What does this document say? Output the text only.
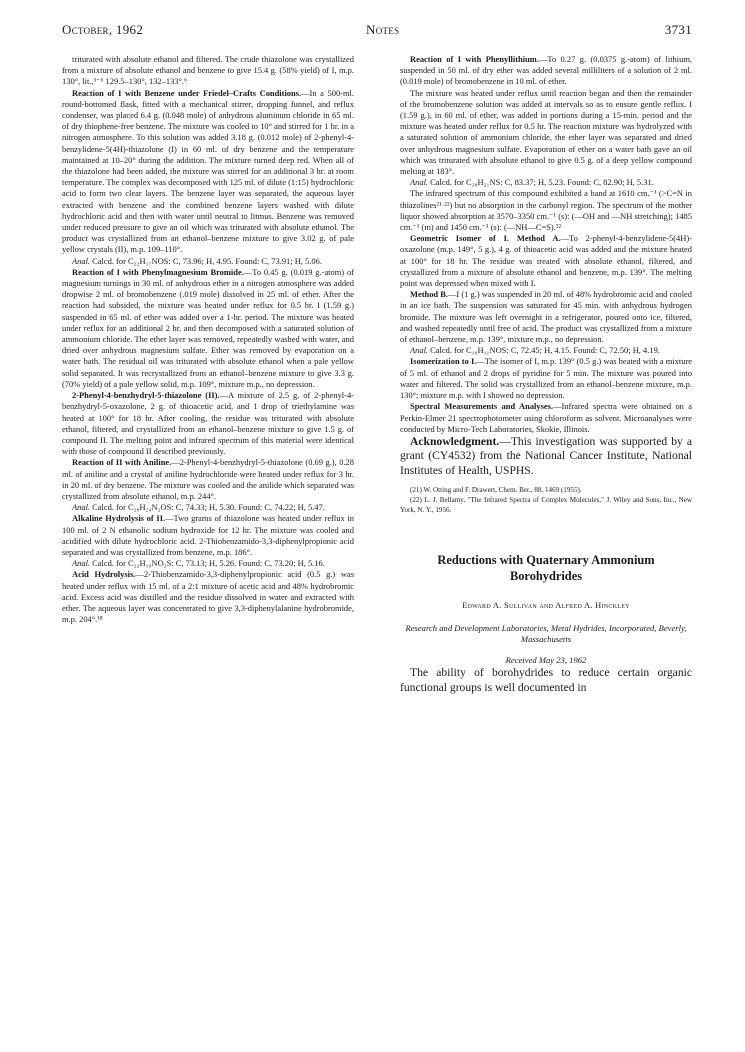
October, 1962	Notes	3731

triturated with absolute ethanol and filtered. The crude thiazolone was crystallized from a mixture of absolute ethanol and benzene to give 15.4 g. (58% yield) of I, m.p. 130°, lit.,³⁻⁶ 129.5–130°, 132–133°.⁶

Reaction of I with Benzene under Friedel–Crafts Conditions.—In a 500-ml. round-bottomed flask, fitted with a mechanical stirrer, dropping funnel, and reflux condenser, was placed 6.4 g. (0.048 mole) of anhydrous aluminum chloride in 65 ml. of dry thiophene-free benzene. The mixture was cooled to 10° and stirred for 1 hr. in a nitrogen atmosphere. To this solution was added 3.18 g. (0.012 mole) of 2-phenyl-4-benzylidene-5(4H)-thiazolone (I) in 60 ml. of dry benzene and the temperature maintained at 10–20° during the addition. The mixture turned deep red. When all of the thiazolone had been added, the mixture was stirred for an additional 3 hr. at room temperature. The complex was decomposed with 125 ml. of dilute (1:15) hydrochloric acid to form two clear layers. The benzene layer was separated, the aqueous layer extracted with benzene and the combined benzene layers washed with dilute hydrochloric acid and then with water until neutral to litmus. Benzene was removed under reduced pressure to give an oil which was triturated with absolute ethanol. The product was crystallized from an ethanol–benzene mixture to give 3.02 g. of pale yellow crystals (II), m.p. 109–110°.

Anal. Calcd. for C₂₂H₁₇NOS: C, 73.96; H, 4.95. Found: C, 73.91; H, 5.06.

Reaction of I with Phenylmagnesium Bromide.—To 0.45 g. (0.019 g.-atom) of magnesium turnings in 30 ml. of anhydrous ether in a nitrogen atmosphere was added dropwise 2 ml. of bromobenzene (.019 mole) dissolved in 25 ml. of ether. After the reaction had subsided, the mixture was heated under reflux for 0.5 hr. I (1.59 g.) suspended in 65 ml. of ether was added over a 1-hr. period. The mixture was heated under reflux for an additional 2 hr. and then decomposed with a saturated solution of ammonium chloride. The ether layer was removed, repeatedly washed with water, and dried over anhydrous magnesium sulfate. Ether was removed by evaporation on a water bath. The residual oil was triturated with absolute ethanol when a pale yellow solid separated. It was recrystallized from an ethanol–benzene mixture to give 3.3 g. (70% yield) of a pale yellow solid, m.p. 109°, mixture m.p., no depression.

2-Phenyl-4-benzhydryl-5-thiazolone (II).—A mixture of 2.5 g. of 2-phenyl-4-benzhydryl-5-oxazolone, 2 g. of thioacetic acid, and 1 drop of triethylamine was heated at 100° for 18 hr. After cooling, the residue was triturated with absolute ethanol, filtered, and crystallized from an ethanol–benzene mixture to give 1.5 g. of compound II. The melting point and infrared spectrum of this material were identical with those of compound II described previously.

Reaction of II with Aniline.—2-Phenyl-4-benzhydryl-5-thiazolone (0.69 g.), 0.28 ml. of aniline and a crystal of aniline hydrochloride were heated under reflux for 3 hr. in 20 ml. of dry benzene. The mixture was cooled and the anilide which separated was crystallized from absolute ethanol, m.p. 244°.

Anal. Calcd. for C₂₈H₂₄N₂OS: C, 74.33; H, 5.30. Found: C, 74.22; H, 5.47.

Alkaline Hydrolysis of II.—Two grams of thiazolone was heated under reflux in 100 ml. of 2 N ethanolic sodium hydroxide for 12 hr. The mixture was cooled and acidified with dilute hydrochloric acid. 2-Thiobenzamido-3,3-diphenylpropionic acid separated and was crystallized from benzene, m.p. 186°.

Anal. Calcd. for C₂₂H₁₉NO₂S: C, 73.13; H, 5.26. Found: C, 73.20; H, 5.16.

Acid Hydrolysis.—2-Thiobenzamido-3,3-diphenylpropionic acid (0.5 g.) was heated under reflux with 15 ml. of a 2:1 mixture of acetic acid and 48% hydrobromic acid. Excess acid was distilled and the residue dissolved in water and extracted with ether. The aqueous layer was concentrated to give 3,3-diphenylalanine hydrobromide, m.p. 204°.¹⁸

Reaction of I with Phenyllithium.—To 0.27 g. (0.0375 g.-atom) of lithium, suspended in 50 ml. of dry ether was added several milliliters of a solution of 2 ml. (0.019 mole) of bromobenzene in 10 ml. of ether.

The mixture was heated under reflux until reaction began and then the remainder of the bromobenzene solution was added at intervals so as to ensure gentle reflux. I (1.59 g.), in 60 ml. of ether, was added in portions during a 15-min. period and the mixture was heated under reflux for 0.5 hr. The reaction mixture was hydrolyzed with a saturated solution of ammonium chloride, the ether layer was separated and dried over anhydrous magnesium sulfate. Evaporation of ether on a water bath gave an oil which was triturated with absolute ethanol to give 0.5 g. of a deep yellow compound melting at 183°.

Anal. Calcd. for C₂₈H₂₁NS: C, 83.37; H, 5.23. Found: C, 82.90; H, 5.31.

The infrared spectrum of this compound exhibited a band at 1610 cm.⁻¹ (>C=N in thiazolines²¹·²²) but no absorption in the carbonyl region. The spectrum of the mother liquor showed absorption at 3570–3350 cm.⁻¹ (s): (—OH and —NH stretching); 1485 cm.⁻¹ (m) and 1450 cm.⁻¹ (s): (—NH—C=S).²²

Geometric Isomer of I. Method A.—To 2-phenyl-4-benzylidene-5(4H)-oxazolone (m.p. 149°, 5 g.), 4 g. of thioacetic acid was added and the mixture heated at 100° for 18 hr. The residue was treated with absolute ethanol, filtered, and crystallized from a mixture of absolute ethanol and benzene, m.p. 139°. The melting point was depressed when mixed with I.

Method B.—I (1 g.) was suspended in 20 ml. of 48% hydrobromic acid and cooled in an ice bath. The suspension was saturated for 45 min. with anhydrous hydrogen bromide. The mixture was left overnight in a refrigerator, poured onto ice, filtered, and washed repeatedly until free of acid. The product was crystallized from a mixture of ethanol–benzene, m.p. 139°, mixture m.p., no depression.

Anal. Calcd. for C₁₆H₁₁NOS: C, 72.45; H, 4.15. Found: C, 72.50; H, 4.19.

Isomerization to I.—The isomer of I, m.p. 139° (0.5 g.) was heated with a mixture of 5 ml. of ethanol and 2 drops of pyridine for 5 min. The mixture was poured into water and filtered. The solid was crystallized from an ethanol–benzene mixture, m.p. 130°; mixture m.p. with I showed no depression.

Spectral Measurements and Analyses.—Infrared spectra were obtained on a Perkin-Elmer 21 spectrophotometer using chloroform as solvent. Microanalyses were conducted by Micro-Tech Laboratories, Skokie, Illinois.

Acknowledgment.—This investigation was supported by a grant (CY4532) from the National Cancer Institute, National Institutes of Health, USPHS.

(21) W. Otting and F. Drawert, Chem. Ber., 88, 1469 (1955).

(22) L. J. Bellamy, "The Infrared Spectra of Complex Molecules," J. Wiley and Sons, Inc., New York, N. Y., 1956.

Reductions with Quaternary Ammonium Borohydrides
Edward A. Sullivan and Alfred A. Hinckley
Research and Development Laboratories, Metal Hydrides, Incorporated, Beverly, Massachusetts
Received May 23, 1962

The ability of borohydrides to reduce certain organic functional groups is well documented in
